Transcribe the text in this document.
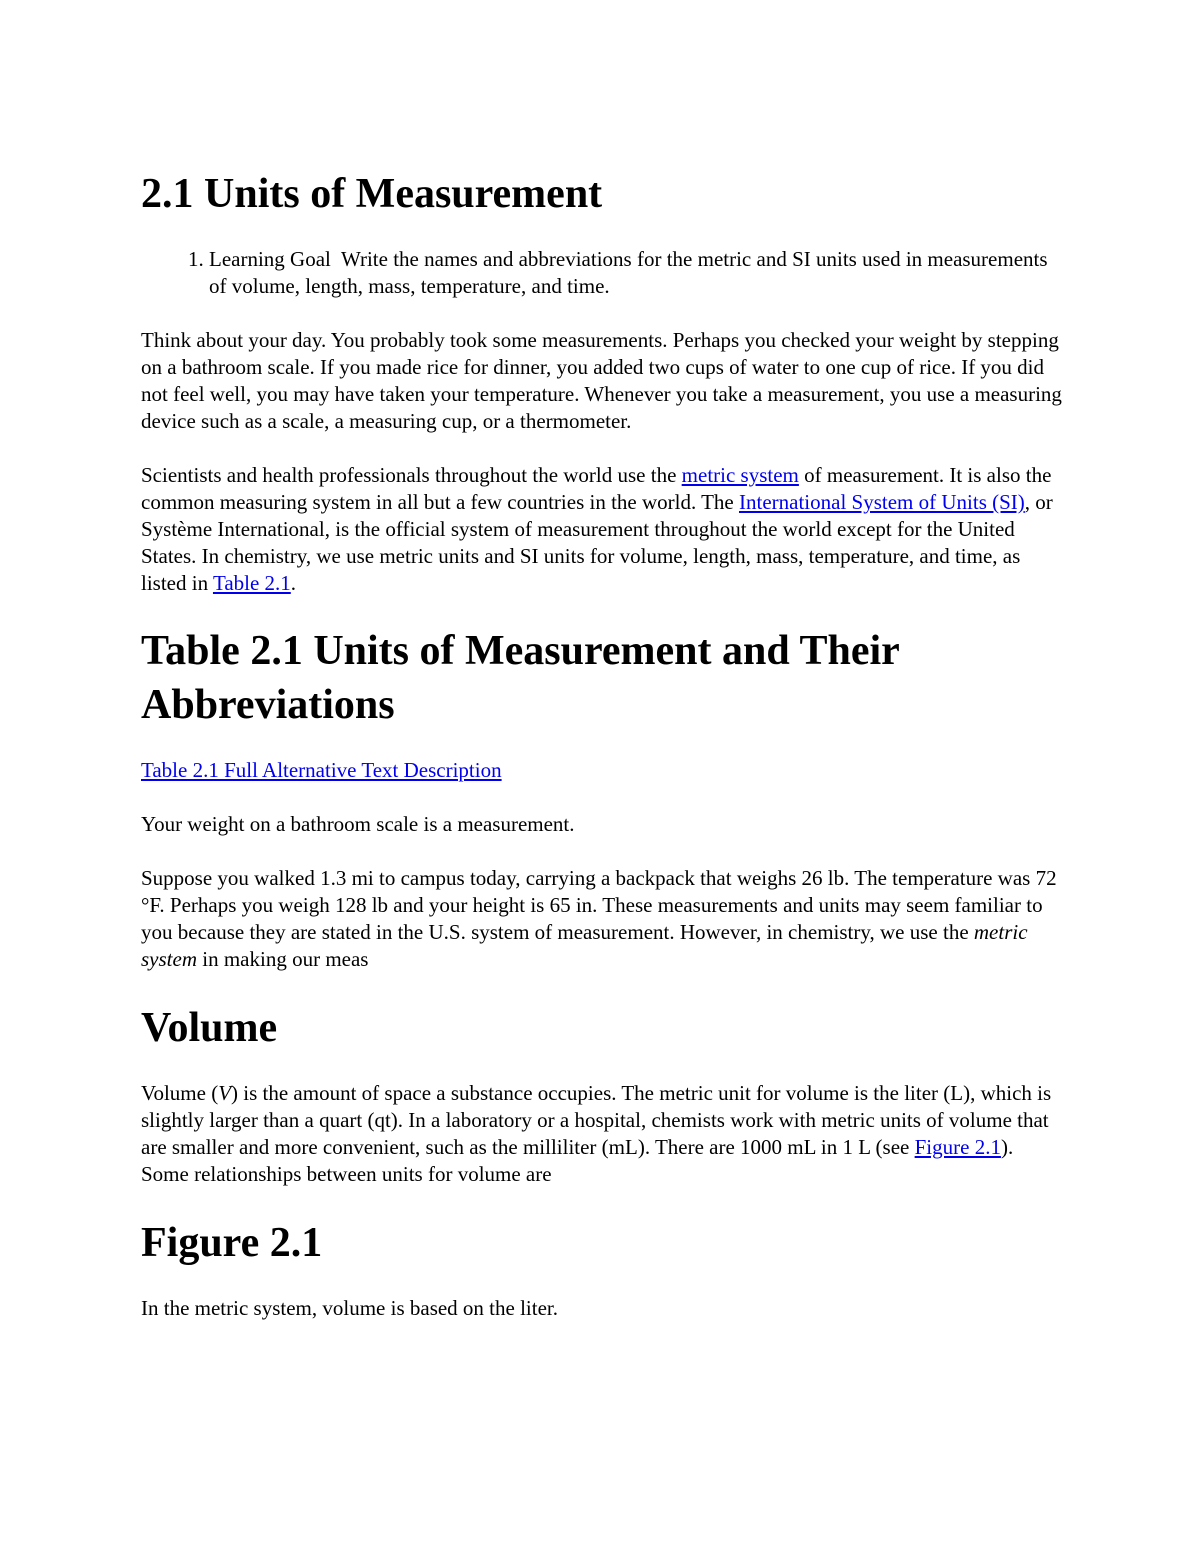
2.1 Units of Measurement
1. Learning Goal Write the names and abbreviations for the metric and SI units used in measurements of volume, length, mass, temperature, and time.

Think about your day. You probably took some measurements. Perhaps you checked your weight by stepping on a bathroom scale. If you made rice for dinner, you added two cups of water to one cup of rice. If you did not feel well, you may have taken your temperature. Whenever you take a measurement, you use a measuring device such as a scale, a measuring cup, or a thermometer.

Scientists and health professionals throughout the world use the metric system of measurement. It is also the common measuring system in all but a few countries in the world. The International System of Units (SI), or Système International, is the official system of measurement throughout the world except for the United States. In chemistry, we use metric units and SI units for volume, length, mass, temperature, and time, as listed in Table 2.1.

Table 2.1 Units of Measurement and Their Abbreviations

Table 2.1 Full Alternative Text Description

Your weight on a bathroom scale is a measurement.

Suppose you walked 1.3 mi to campus today, carrying a backpack that weighs 26 lb. The temperature was 72 °F. Perhaps you weigh 128 lb and your height is 65 in. These measurements and units may seem familiar to you because they are stated in the U.S. system of measurement. However, in chemistry, we use the metric system in making our meas

Volume

Volume (V) is the amount of space a substance occupies. The metric unit for volume is the liter (L), which is slightly larger than a quart (qt). In a laboratory or a hospital, chemists work with metric units of volume that are smaller and more convenient, such as the milliliter (mL). There are 1000 mL in 1 L (see Figure 2.1). Some relationships between units for volume are

Figure 2.1

In the metric system, volume is based on the liter.
